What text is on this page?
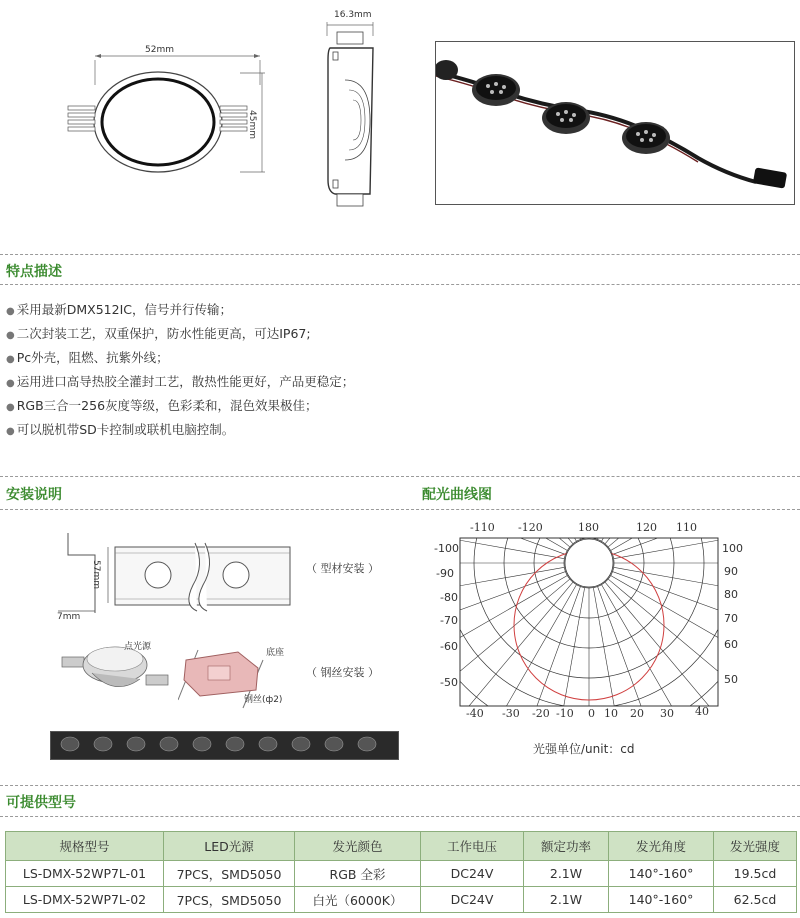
52mm
45mm
16.3mm
特点描述
● 采用最新DMX512IC，信号并行传输；
● 二次封装工艺，双重保护，防水性能更高，可达IP67;
● Pc外壳，阻燃、抗紫外线；
● 运用进口高导热胶全灌封工艺，散热性能更好，产品更稳定；
● RGB三合一256灰度等级，色彩柔和，混色效果极佳；
● 可以脱机带SD卡控制或联机电脑控制。
安装说明	配光曲线图
57mm
7mm
（ 型材安装 ）
点光源
底座
钢丝(ф2)
（ 钢丝安装 ）
-110 -120	180	120 110
-100
-90
-80
-70
-60
-50
100
90
80
70
60
50
-40 -30 -20 -10 0 10 20 30 40
光强单位/unit：cd
可提供型号
规格型号	LED光源	发光颜色	工作电压	额定功率	发光角度	发光强度
LS-DMX-52WP7L-01	7PCS，SMD5050	RGB 全彩	DC24V	2.1W	140°-160°	19.5cd
LS-DMX-52WP7L-02	7PCS，SMD5050	白光（6000K）	DC24V	2.1W	140°-160°	62.5cd
